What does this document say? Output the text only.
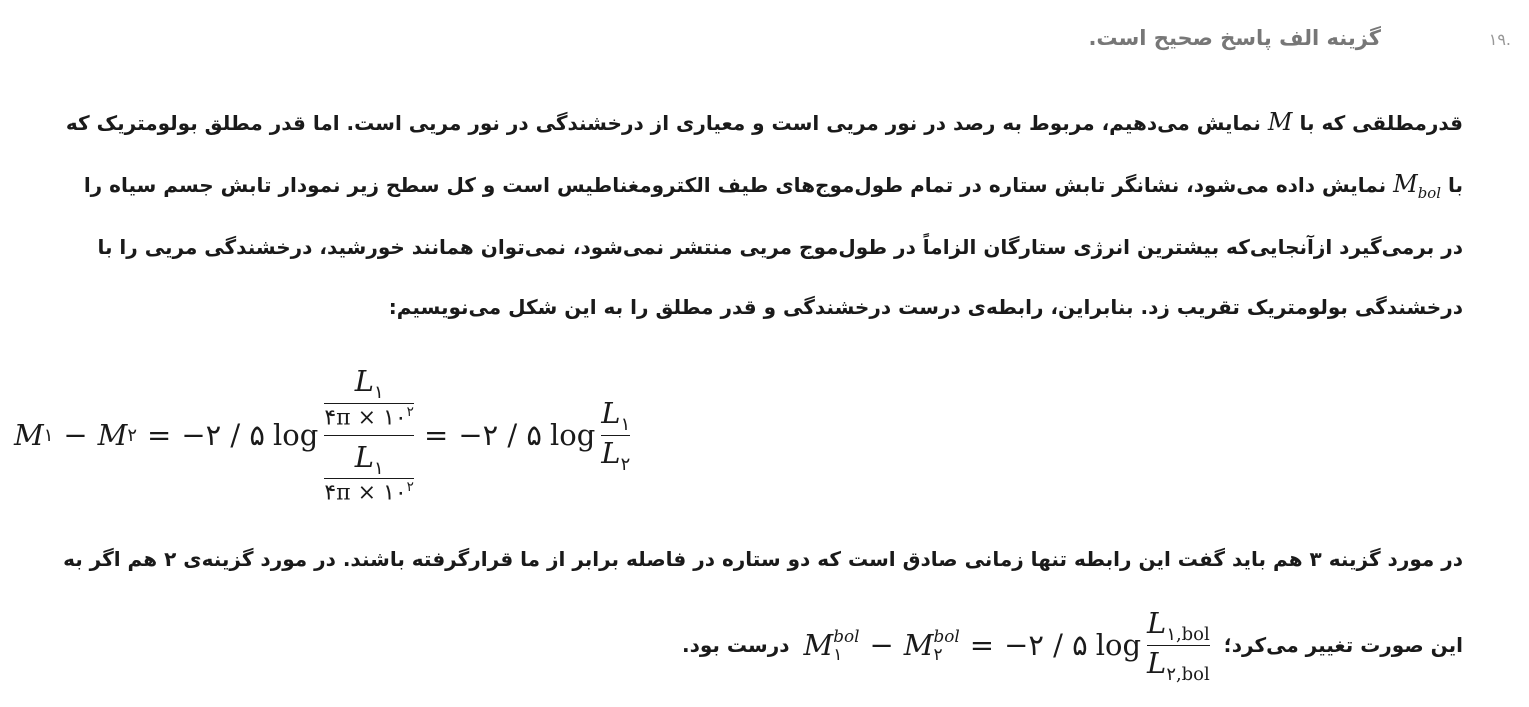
۱۹.
گزینه الف پاسخ صحیح است.
قدرمطلقی که با M نمایش می‌دهیم، مربوط به رصد در نور مریی است و معیاری از درخشندگی در نور مریی است. اما قدر مطلق بولومتریک که
با $M_{bol}$ نمایش داده می‌شود، نشانگر تابش ستاره در تمام طول‌موج‌های طیف الکترومغناطیس است و کل سطح زیر نمودار تابش جسم سیاه را
در برمی‌گیرد ازآنجایی‌که بیشترین انرژی ستارگان الزاماً در طول‌موج مریی منتشر نمی‌شود، نمی‌توان همانند خورشید، درخشندگی مریی را با
درخشندگی بولومتریک تقریب زد. بنابراین، رابطه‌ی درست درخشندگی و قدر مطلق را به این شکل می‌نویسیم:
M ۱ − M ۲ = −۲ / ۵ $\log \frac{\frac{L_۱}{۴\pi \times ۱۰^۲}}{\frac{L_۱}{۴\pi \times ۱۰^۲}}$ = −۲ / ۵ $\log \frac{L_۱}{L_۲}$
در مورد گزینه ۳ هم باید گفت این رابطه تنها زمانی صادق است که دو ستاره در فاصله برابر از ما قرارگرفته باشند. در مورد گزینه‌ی ۲ هم اگر به
این صورت تغییر می‌کرد؛
M bol
۱ − M bol
۲ = −۲ / ۵ $\log \frac{L_{۱,bol}}{L_{۲,bol}}$
درست بود.
